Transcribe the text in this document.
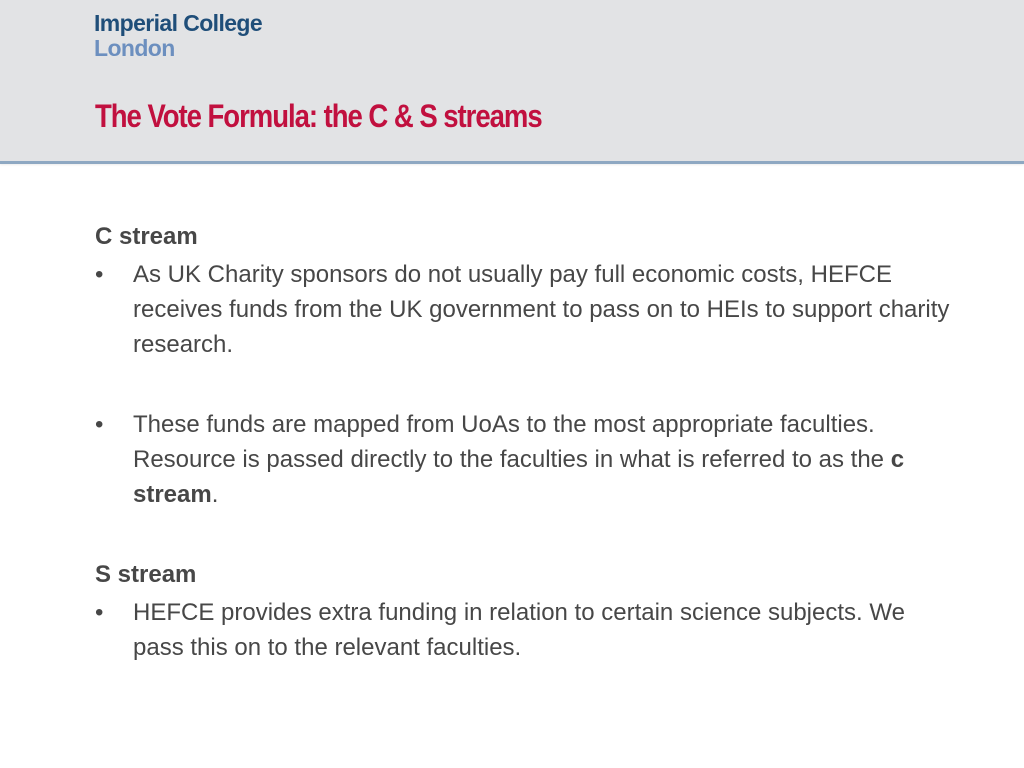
Imperial College
London
The Vote Formula: the C & S streams

C stream

•	As UK Charity sponsors do not usually pay full economic costs, HEFCE receives funds from the UK government to pass on to HEIs to support charity research.
•	These funds are mapped from UoAs to the most appropriate faculties. Resource is passed directly to the faculties in what is referred to as the c stream.

S stream

•	HEFCE provides extra funding in relation to certain science subjects. We pass this on to the relevant faculties.
